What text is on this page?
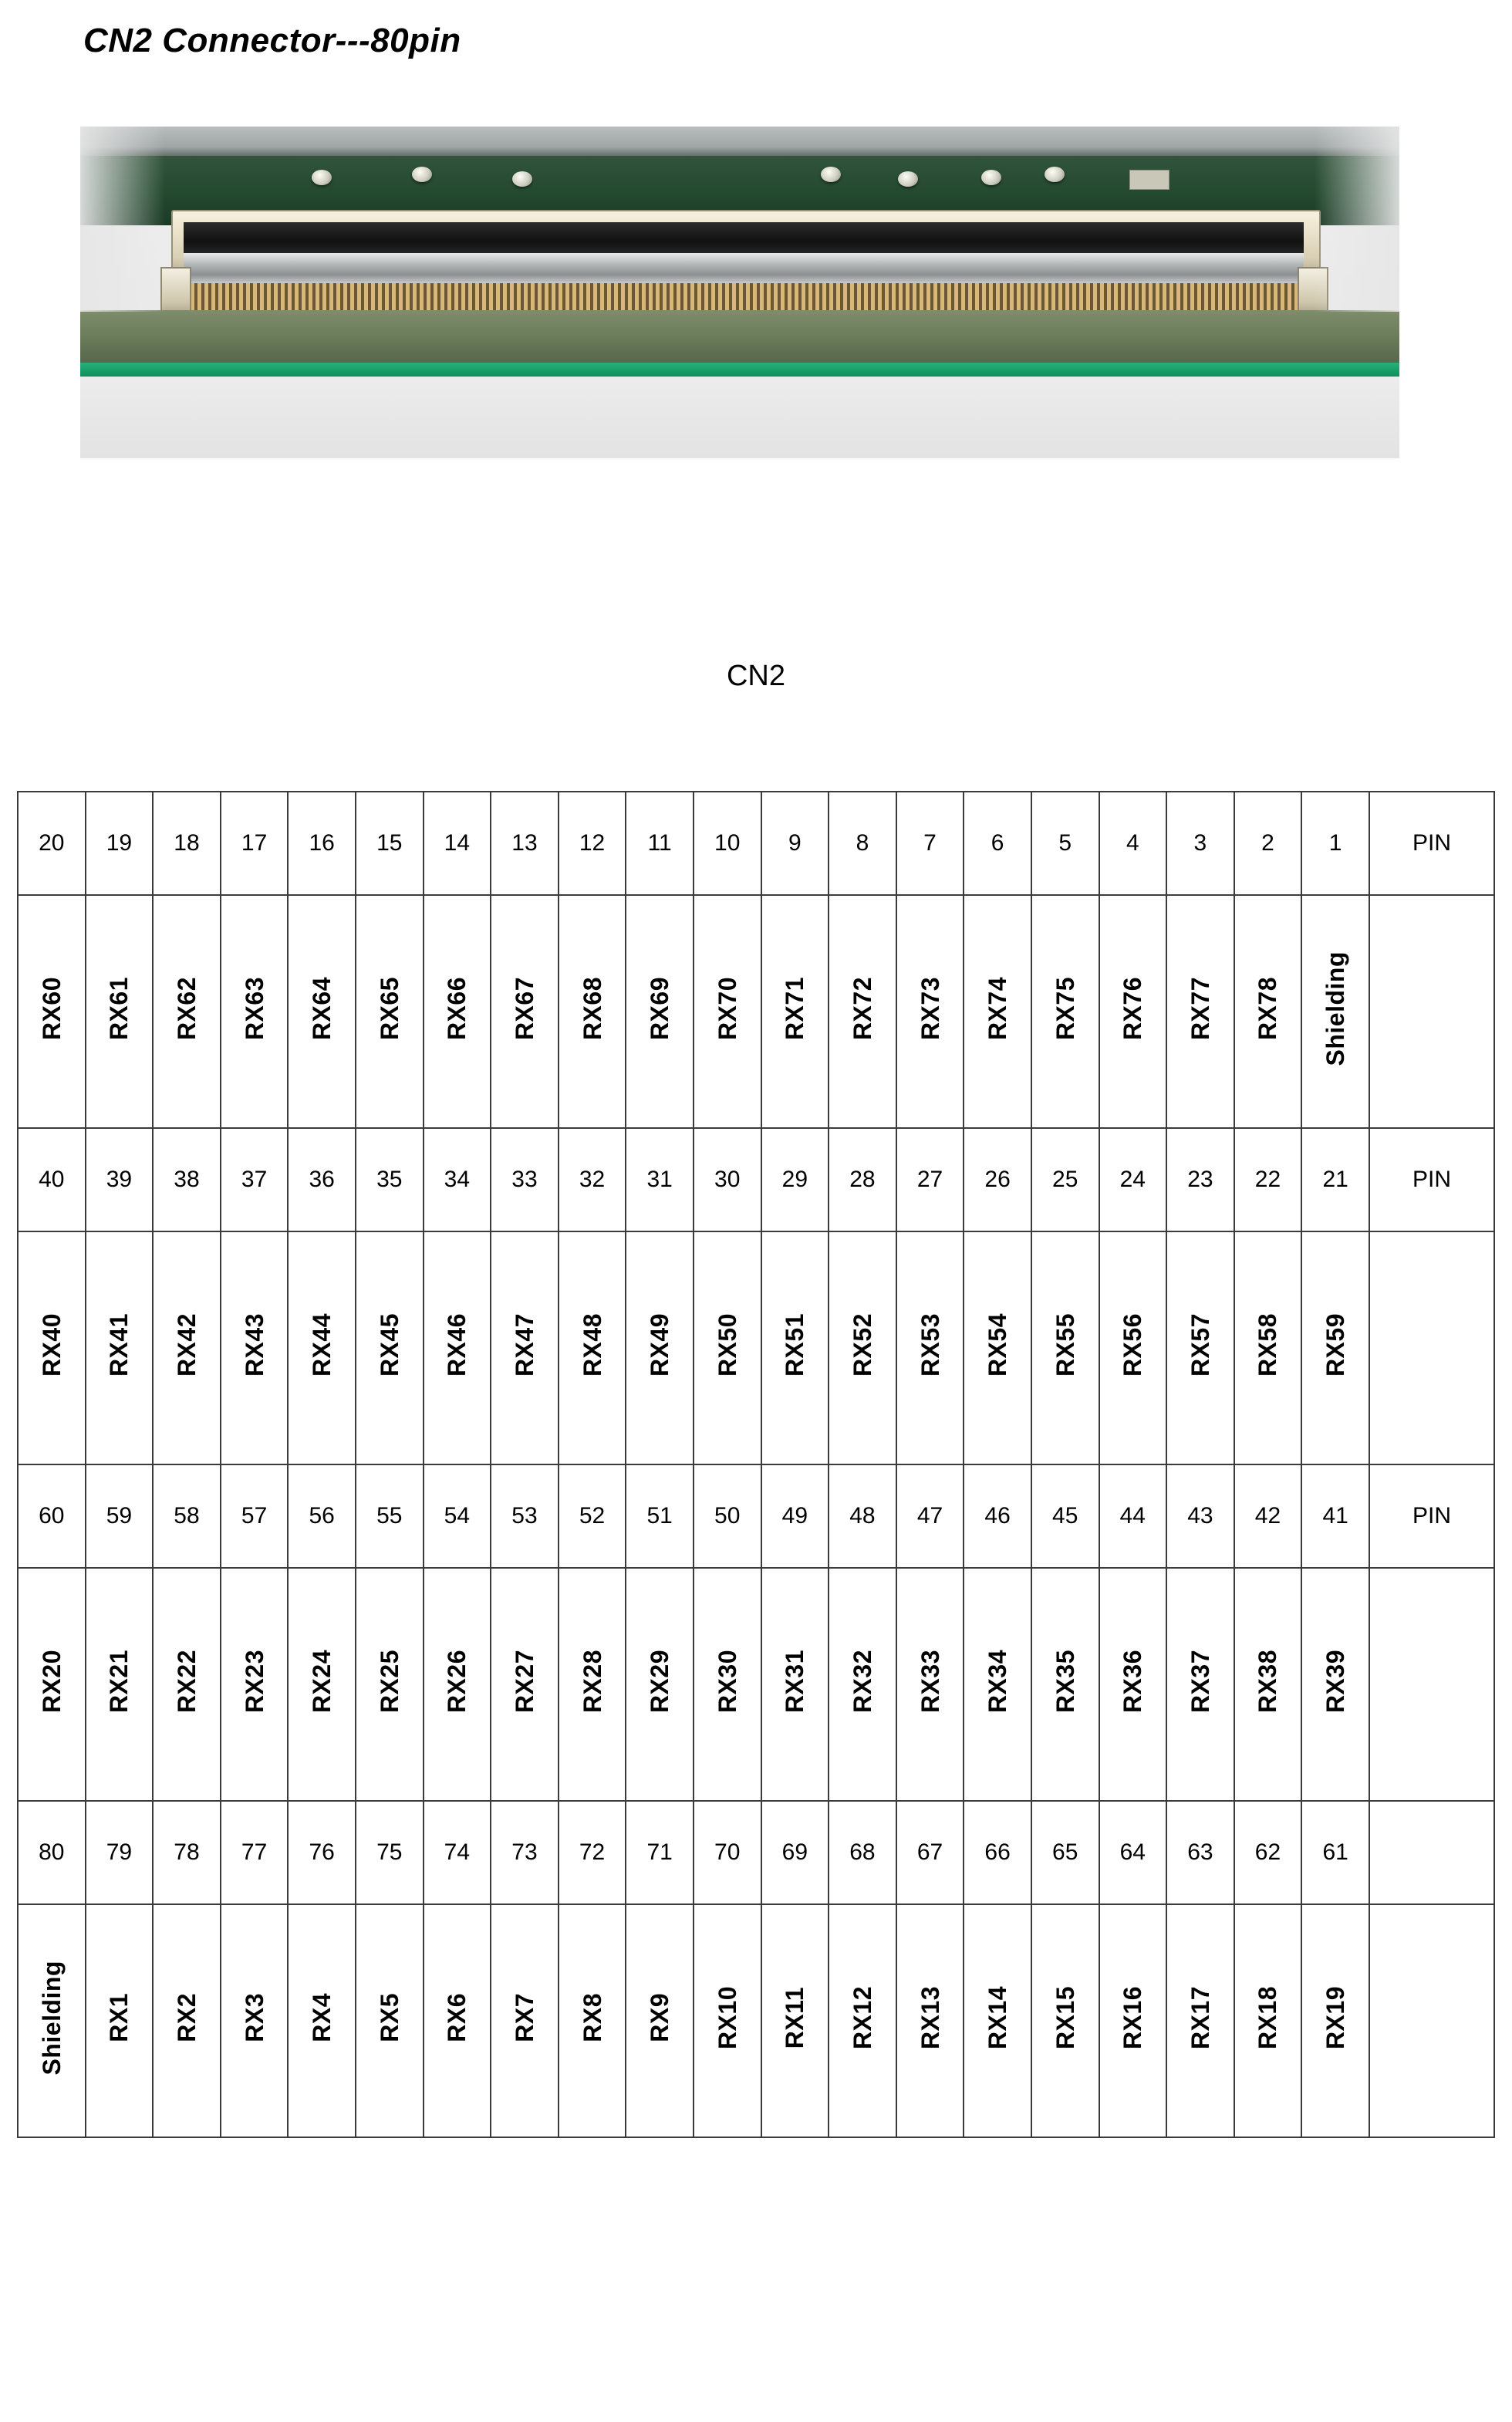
CN2 Connector---80pin
CN2
20	19	18	17	16	15	14	13	12	11	10	9	8	7	6	5	4	3	2	1	PIN
RX60	RX61	RX62	RX63	RX64	RX65	RX66	RX67	RX68	RX69	RX70	RX71	RX72	RX73	RX74	RX75	RX76	RX77	RX78	Shielding	
40	39	38	37	36	35	34	33	32	31	30	29	28	27	26	25	24	23	22	21	PIN
RX40	RX41	RX42	RX43	RX44	RX45	RX46	RX47	RX48	RX49	RX50	RX51	RX52	RX53	RX54	RX55	RX56	RX57	RX58	RX59	
60	59	58	57	56	55	54	53	52	51	50	49	48	47	46	45	44	43	42	41	PIN
RX20	RX21	RX22	RX23	RX24	RX25	RX26	RX27	RX28	RX29	RX30	RX31	RX32	RX33	RX34	RX35	RX36	RX37	RX38	RX39	
80	79	78	77	76	75	74	73	72	71	70	69	68	67	66	65	64	63	62	61	
Shielding	RX1	RX2	RX3	RX4	RX5	RX6	RX7	RX8	RX9	RX10	RX11	RX12	RX13	RX14	RX15	RX16	RX17	RX18	RX19	
